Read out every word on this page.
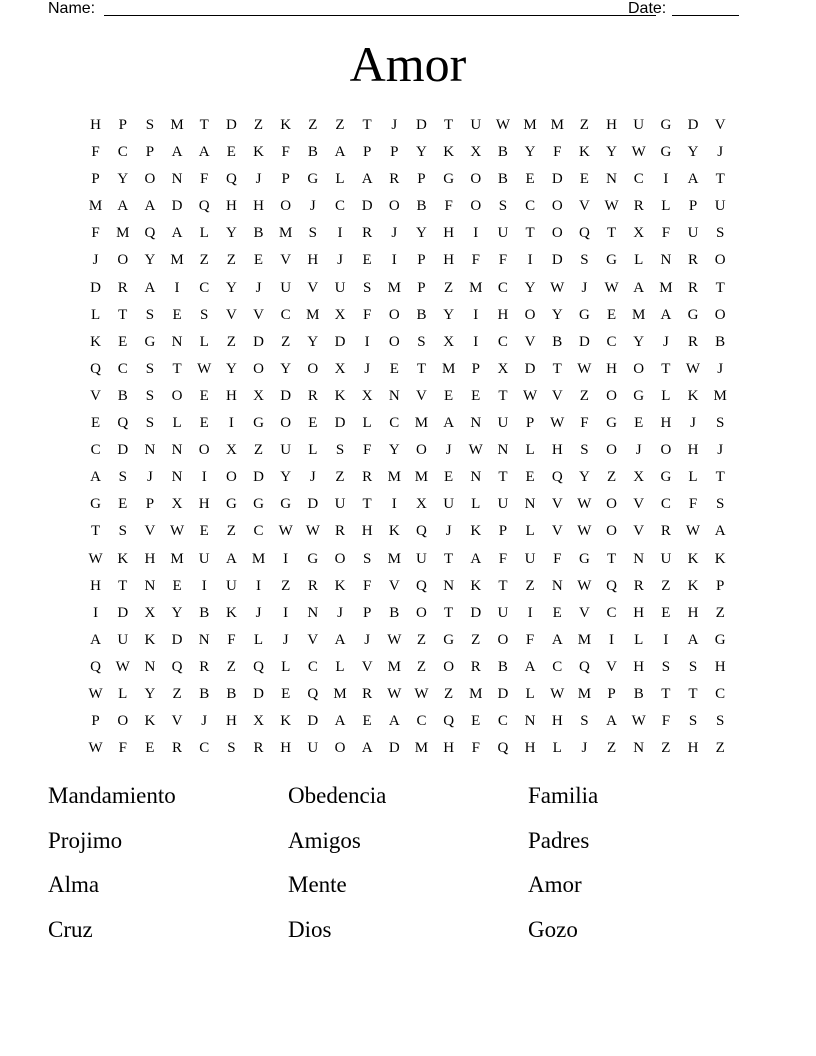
Name:	Date:
Amor
H	P	S	M	T	D	Z	K	Z	Z	T	J	D	T	U W M M	Z	H	U	G	D	V
F	C	P	A	A	E	K	F	B	A	P	P	Y	K	X	B	Y	F	K	Y W G	Y	J
P	Y	O	N	F	Q	J	P	G	L	A	R	P	G	O	B	E	D	E	N	C	I	A	T
M	A	A	D	Q	H	H	O	J	C	D	O	B	F	O	S	C	O	V W	R	L	P	U
F	M	Q	A	L	Y	B	M	S	I	R	J	Y	H	I	U	T	O	Q	T	X	F	U	S
J	O	Y	M	Z	Z	E	V	H	J	E	I	P	H	F	F	I	D	S	G	L	N	R	O
D	R	A	I	C	Y	J	U	V	U	S	M	P	Z	M	C	Y W	J	W A	M	R	T
L	T	S	E	S	V	V	C	M	X	F	O	B	Y	I	H	O	Y	G	E	M	A	G	O
K	E	G	N	L	Z	D	Z	Y	D	I	O	S	X	I	C	V	B	D	C	Y	J	R	B
Q	C	S	T	W Y	O	Y	O	X	J	E	T	M	P	X	D	T	W H	O	T	W	J
V	B	S	O	E	H	X	D	R	K	X	N	V	E	E	T	W V	Z	O	G	L	K	M
E	Q	S	L	E	I	G	O	E	D	L	C	M	A	N	U	P	W	F	G	E	H	J	S
C	D	N	N	O	X	Z	U	L	S	F	Y	O	J	W N	L	H	S	O	J	O	H	J
A	S	J	N	I	O	D	Y	J	Z	R	M M	E	N	T	E	Q	Y	Z	X	G	L	T
G	E	P	X	H	G	G	G	D	U	T	I	X	U	L	U	N	V W O	V	C	F	S
T	S	V W	E	Z	C	W W	R	H	K	Q	J	K	P	L	V W O	V	R	W A
W K	H	M	U	A	M	I	G	O	S	M	U	T	A	F	U	F	G	T	N	U	K	K
H	T	N	E	I	U	I	Z	R	K	F	V	Q	N	K	T	Z	N W Q	R	Z	K	P
I	D	X	Y	B	K	J	I	N	J	P	B	O	T	D	U	I	E	V	C	H	E	H	Z
A	U	K	D	N	F	L	J	V	A	J	W	Z	G	Z	O	F	A	M	I	L	I	A	G
Q W N	Q	R	Z	Q	L	C	L	V	M	Z	O	R	B	A	C	Q	V	H	S	S	H
W	L	Y	Z	B	B	D	E	Q	M	R	W W	Z	M	D	L	W M	P	B	T	T	C
P	O	K	V	J	H	X	K	D	A	E	A	C	Q	E	C	N	H	S	A W	F	S	S
W	F	E	R	C	S	R	H	U	O	A	D	M	H	F	Q	H	L	J	Z	N	Z	H	Z
Mandamiento	Obedencia	Familia
Projimo	Amigos	Padres
Alma	Mente	Amor
Cruz	Dios	Gozo
